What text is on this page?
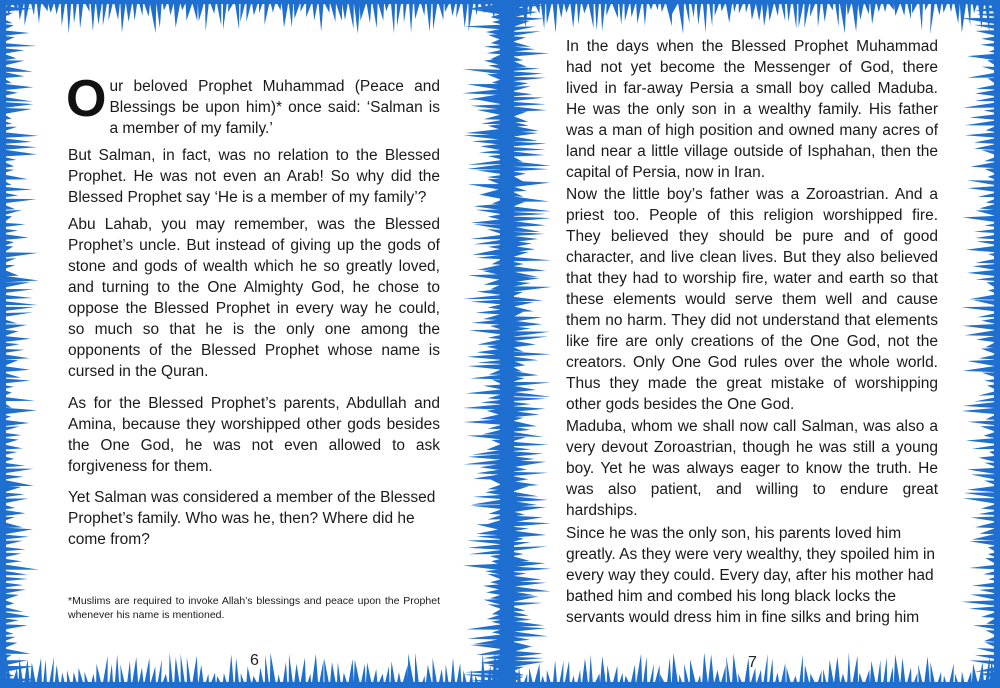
Our beloved Prophet Muhammad (Peace and Blessings be upon him)* once said: ‘Salman is a member of my family.’

But Salman, in fact, was no relation to the Blessed Prophet. He was not even an Arab! So why did the Blessed Prophet say ‘He is a member of my family’?

Abu Lahab, you may remember, was the Blessed Prophet’s uncle. But instead of giving up the gods of stone and gods of wealth which he so greatly loved, and turning to the One Almighty God, he chose to oppose the Blessed Prophet in every way he could, so much so that he is the only one among the opponents of the Blessed Prophet whose name is cursed in the Quran.

As for the Blessed Prophet’s parents, Abdullah and Amina, because they worshipped other gods besides the One God, he was not even allowed to ask forgiveness for them.

Yet Salman was considered a member of the Blessed Prophet’s family. Who was he, then? Where did he come from?

*Muslims are required to invoke Allah’s blessings and peace upon the Prophet whenever his name is mentioned.

6

In the days when the Blessed Prophet Muhammad had not yet become the Messenger of God, there lived in far-away Persia a small boy called Maduba. He was the only son in a wealthy family. His father was a man of high position and owned many acres of land near a little village outside of Isphahan, then the capital of Persia, now in Iran.

Now the little boy’s father was a Zoroastrian. And a priest too. People of this religion worshipped fire. They believed they should be pure and of good character, and live clean lives. But they also believed that they had to worship fire, water and earth so that these elements would serve them well and cause them no harm. They did not understand that elements like fire are only creations of the One God, not the creators. Only One God rules over the whole world. Thus they made the great mistake of worshipping other gods besides the One God.

Maduba, whom we shall now call Salman, was also a very devout Zoroastrian, though he was still a young boy. Yet he was always eager to know the truth. He was also patient, and willing to endure great hardships.

Since he was the only son, his parents loved him greatly. As they were very wealthy, they spoiled him in every way they could. Every day, after his mother had bathed him and combed his long black locks the servants would dress him in fine silks and bring him

7
